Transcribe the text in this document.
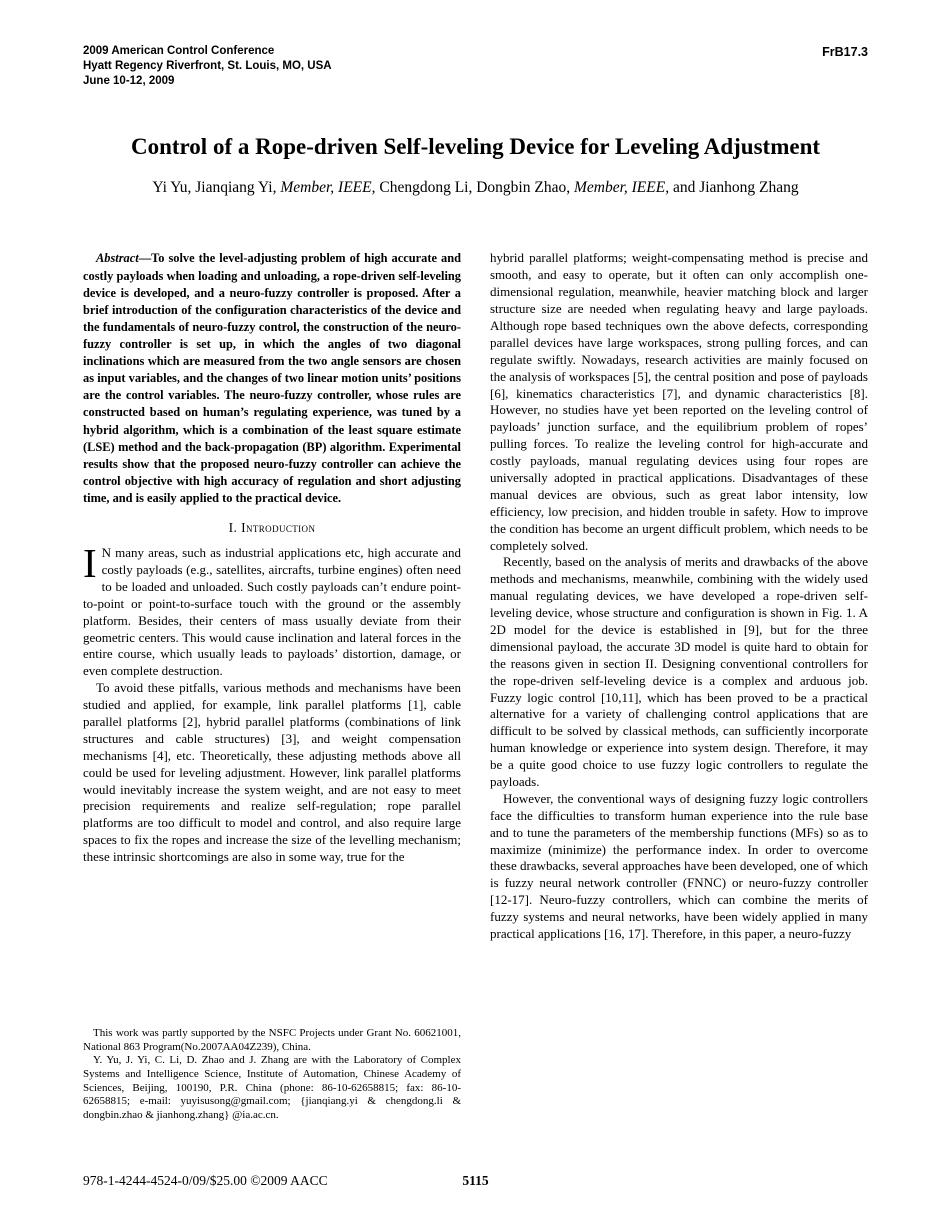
2009 American Control Conference
Hyatt Regency Riverfront, St. Louis, MO, USA
June 10-12, 2009
FrB17.3
Control of a Rope-driven Self-leveling Device for Leveling Adjustment
Yi Yu, Jianqiang Yi, Member, IEEE, Chengdong Li, Dongbin Zhao, Member, IEEE, and Jianhong Zhang

Abstract—To solve the level-adjusting problem of high accurate and costly payloads when loading and unloading, a rope-driven self-leveling device is developed, and a neuro-fuzzy controller is proposed. After a brief introduction of the configuration characteristics of the device and the fundamentals of neuro-fuzzy control, the construction of the neuro-fuzzy controller is set up, in which the angles of two diagonal inclinations which are measured from the two angle sensors are chosen as input variables, and the changes of two linear motion units’ positions are the control variables. The neuro-fuzzy controller, whose rules are constructed based on human’s regulating experience, was tuned by a hybrid algorithm, which is a combination of the least square estimate (LSE) method and the back-propagation (BP) algorithm. Experimental results show that the proposed neuro-fuzzy controller can achieve the control objective with high accuracy of regulation and short adjusting time, and is easily applied to the practical device.

I. Introduction

I N many areas, such as industrial applications etc, high accurate and costly payloads (e.g., satellites, aircrafts, turbine engines) often need to be loaded and unloaded. Such costly payloads can’t endure point-to-point or point-to-surface touch with the ground or the assembly platform. Besides, their centers of mass usually deviate from their geometric centers. This would cause inclination and lateral forces in the entire course, which usually leads to payloads’ distortion, damage, or even complete destruction.

To avoid these pitfalls, various methods and mechanisms have been studied and applied, for example, link parallel platforms [1], cable parallel platforms [2], hybrid parallel platforms (combinations of link structures and cable structures) [3], and weight compensation mechanisms [4], etc. Theoretically, these adjusting methods above all could be used for leveling adjustment. However, link parallel platforms would inevitably increase the system weight, and are not easy to meet precision requirements and realize self-regulation; rope parallel platforms are too difficult to model and control, and also require large spaces to fix the ropes and increase the size of the levelling mechanism; these intrinsic shortcomings are also in some way, true for the

This work was partly supported by the NSFC Projects under Grant No. 60621001, National 863 Program(No.2007AA04Z239), China.

Y. Yu, J. Yi, C. Li, D. Zhao and J. Zhang are with the Laboratory of Complex Systems and Intelligence Science, Institute of Automation, Chinese Academy of Sciences, Beijing, 100190, P.R. China (phone: 86-10-62658815; fax: 86-10-62658815; e-mail: yuyisusong@gmail.com; {jianqiang.yi & chengdong.li & dongbin.zhao & jianhong.zhang} @ia.ac.cn.

hybrid parallel platforms; weight-compensating method is precise and smooth, and easy to operate, but it often can only accomplish one-dimensional regulation, meanwhile, heavier matching block and larger structure size are needed when regulating heavy and large payloads. Although rope based techniques own the above defects, corresponding parallel devices have large workspaces, strong pulling forces, and can regulate swiftly. Nowadays, research activities are mainly focused on the analysis of workspaces [5], the central position and pose of payloads [6], kinematics characteristics [7], and dynamic characteristics [8]. However, no studies have yet been reported on the leveling control of payloads’ junction surface, and the equilibrium problem of ropes’ pulling forces. To realize the leveling control for high-accurate and costly payloads, manual regulating devices using four ropes are universally adopted in practical applications. Disadvantages of these manual devices are obvious, such as great labor intensity, low efficiency, low precision, and hidden trouble in safety. How to improve the condition has become an urgent difficult problem, which needs to be completely solved.

Recently, based on the analysis of merits and drawbacks of the above methods and mechanisms, meanwhile, combining with the widely used manual regulating devices, we have developed a rope-driven self-leveling device, whose structure and configuration is shown in Fig. 1. A 2D model for the device is established in [9], but for the three dimensional payload, the accurate 3D model is quite hard to obtain for the reasons given in section II. Designing conventional controllers for the rope-driven self-leveling device is a complex and arduous job. Fuzzy logic control [10,11], which has been proved to be a practical alternative for a variety of challenging control applications that are difficult to be solved by classical methods, can sufficiently incorporate human knowledge or experience into system design. Therefore, it may be a quite good choice to use fuzzy logic controllers to regulate the payloads.

However, the conventional ways of designing fuzzy logic controllers face the difficulties to transform human experience into the rule base and to tune the parameters of the membership functions (MFs) so as to maximize (minimize) the performance index. In order to overcome these drawbacks, several approaches have been developed, one of which is fuzzy neural network controller (FNNC) or neuro-fuzzy controller [12-17]. Neuro-fuzzy controllers, which can combine the merits of fuzzy systems and neural networks, have been widely applied in many practical applications [16, 17]. Therefore, in this paper, a neuro-fuzzy

978-1-4244-4524-0/09/$25.00 ©2009 AACC	5115
